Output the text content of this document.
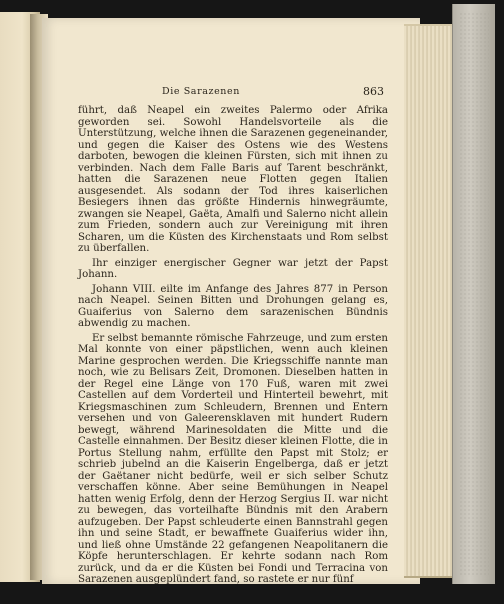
Die Sarazenen	863

führt, daß Neapel ein zweites Palermo oder Afrika geworden sei. Sowohl Handelsvorteile als die Unterstützung, welche ihnen die Sarazenen gegeneinander, und gegen die Kaiser des Ostens wie des Westens darboten, bewogen die kleinen Fürsten, sich mit ihnen zu verbinden. Nach dem Falle Baris auf Tarent beschränkt, hatten die Sarazenen neue Flotten gegen Italien ausgesendet. Als sodann der Tod ihres kaiserlichen Besiegers ihnen das größte Hindernis hinwegräumte, zwangen sie Neapel, Gaëta, Amalfi und Salerno nicht allein zum Frieden, sondern auch zur Vereinigung mit ihren Scharen, um die Küsten des Kirchenstaats und Rom selbst zu überfallen.

Ihr einziger energischer Gegner war jetzt der Papst Johann.

Johann VIII. eilte im Anfange des Jahres 877 in Person nach Neapel. Seinen Bitten und Drohungen gelang es, Guaiferius von Salerno dem sarazenischen Bündnis abwendig zu machen.

Er selbst bemannte römische Fahrzeuge, und zum ersten Mal konnte von einer päpstlichen, wenn auch kleinen Marine gesprochen werden. Die Kriegsschiffe nannte man noch, wie zu Belisars Zeit, Dromonen. Dieselben hatten in der Regel eine Länge von 170 Fuß, waren mit zwei Castellen auf dem Vorderteil und Hinterteil bewehrt, mit Kriegsmaschinen zum Schleudern, Brennen und Entern versehen und von Galeerensklaven mit hundert Rudern bewegt, während Marinesoldaten die Mitte und die Castelle einnahmen. Der Besitz dieser kleinen Flotte, die in Portus Stellung nahm, erfüllte den Papst mit Stolz; er schrieb jubelnd an die Kaiserin Engelberga, daß er jetzt der Gaëtaner nicht bedürfe, weil er sich selber Schutz verschaffen könne. Aber seine Bemühungen in Neapel hatten wenig Erfolg, denn der Herzog Sergius II. war nicht zu bewegen, das vorteilhafte Bündnis mit den Arabern aufzugeben. Der Papst schleuderte einen Bannstrahl gegen ihn und seine Stadt, er bewaffnete Guaiferius wider ihn, und ließ ohne Umstände 22 gefangenen Neapolitanern die Köpfe herunterschlagen. Er kehrte sodann nach Rom zurück, und da er die Küsten bei Fondi und Terracina von Sarazenen ausgeplündert fand, so rastete er nur fünf
